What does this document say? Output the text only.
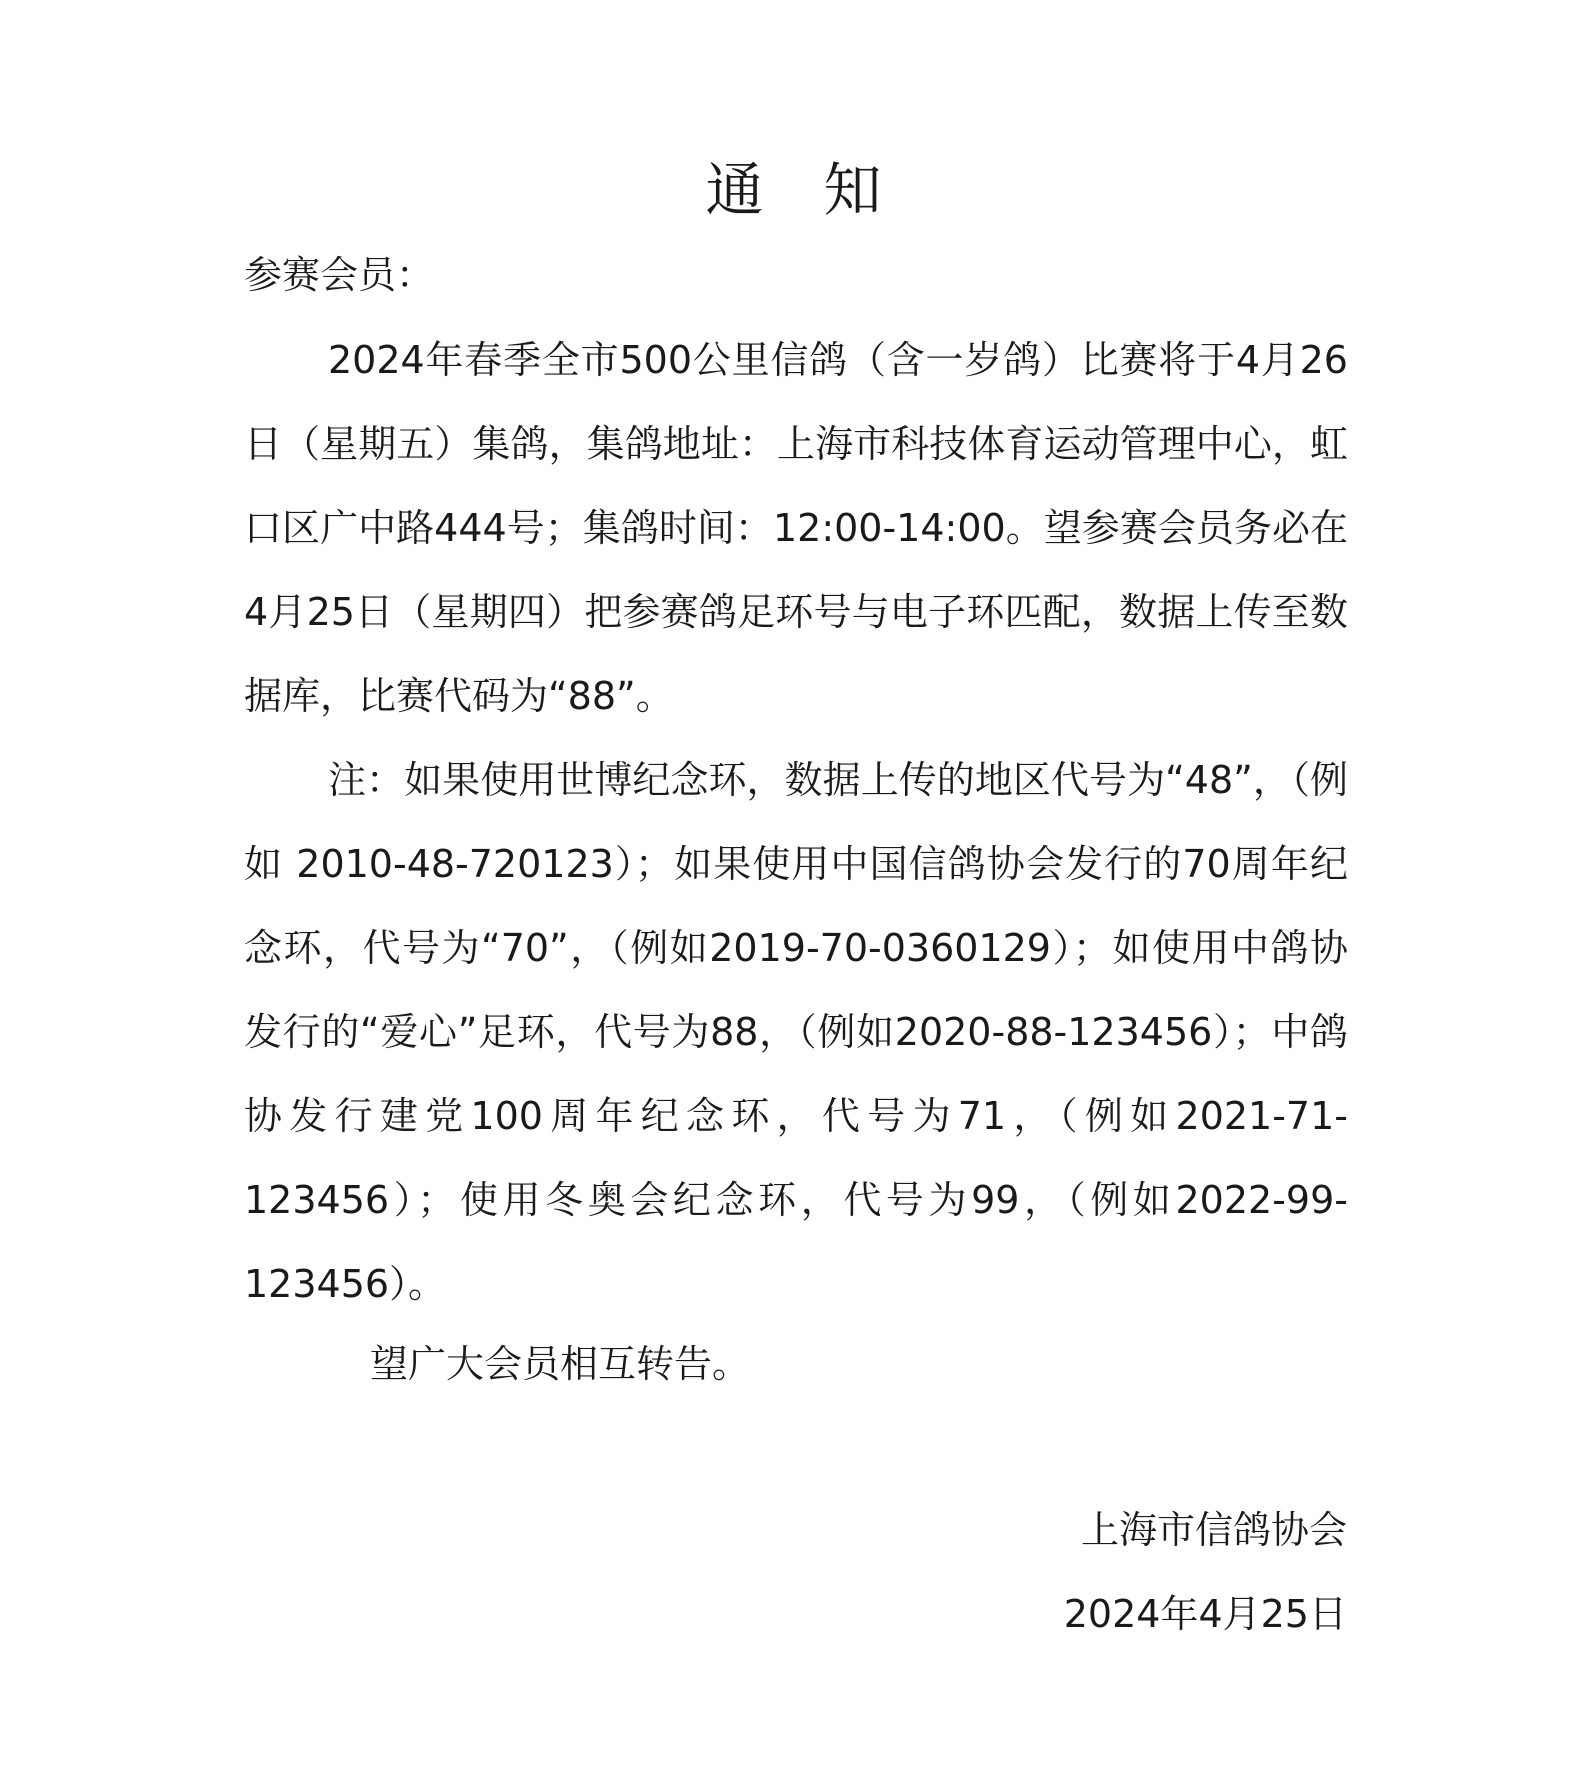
通知
参赛会员：
2024年春季全市500公里信鸽（含一岁鸽）比赛将于4月26日（星期五）集鸽，集鸽地址：上海市科技体育运动管理中心，虹口区广中路444号；集鸽时间：12:00-14:00。望参赛会员务必在4月25日（星期四）把参赛鸽足环号与电子环匹配，数据上传至数据库，比赛代码为“88”。
注：如果使用世博纪念环，数据上传的地区代号为“48”，（例如 2010-48-720123）；如果使用中国信鸽协会发行的70周年纪念环，代号为“70”，（例如2019-70-0360129）；如使用中鸽协发行的“爱心”足环，代号为88，（例如2020-88-123456）；中鸽协发行建党100周年纪念环，代号为71，（例如2021-71-123456）；使用冬奥会纪念环，代号为99，（例如2022-99-123456）。
望广大会员相互转告。
上海市信鸽协会
2024年4月25日
